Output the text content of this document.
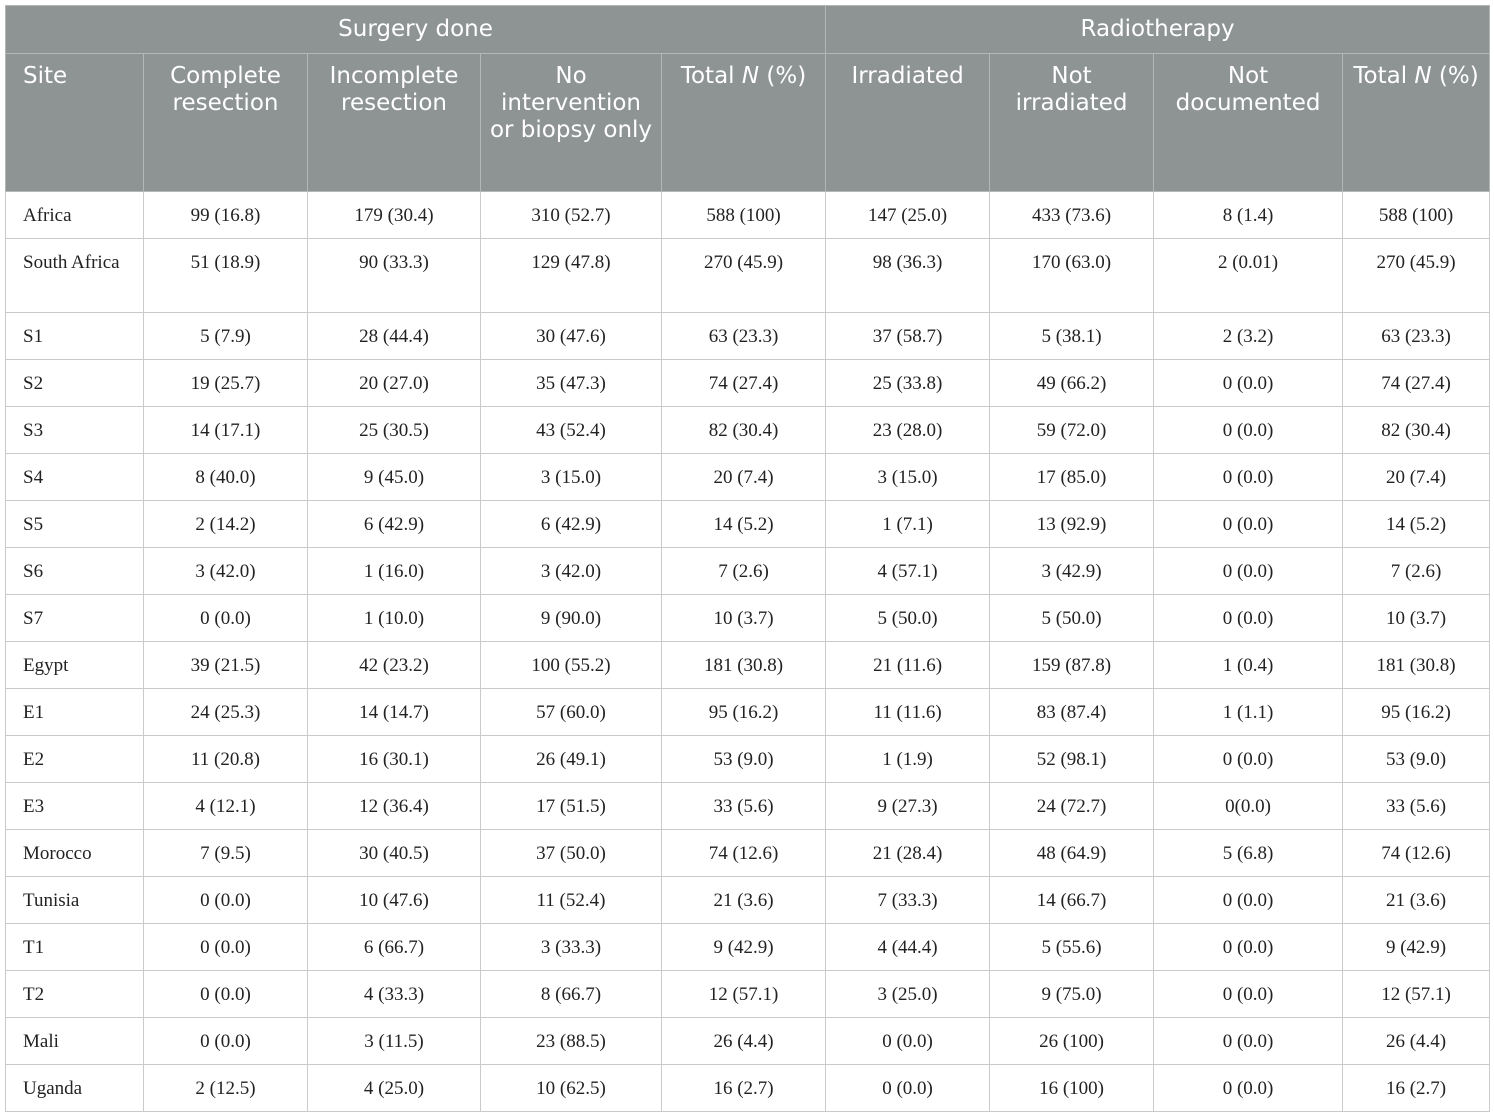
Surgery done					Radiotherapy			
Site	Complete resection	Incomplete resection	No intervention or biopsy only	Total N (%)	Irradiated	Not irradiated	Not documented	Total N (%)
Africa	99 (16.8)	179 (30.4)	310 (52.7)	588 (100)	147 (25.0)	433 (73.6)	8 (1.4)	588 (100)
South Africa	51 (18.9)	90 (33.3)	129 (47.8)	270 (45.9)	98 (36.3)	170 (63.0)	2 (0.01)	270 (45.9)
S1	5 (7.9)	28 (44.4)	30 (47.6)	63 (23.3)	37 (58.7)	5 (38.1)	2 (3.2)	63 (23.3)
S2	19 (25.7)	20 (27.0)	35 (47.3)	74 (27.4)	25 (33.8)	49 (66.2)	0 (0.0)	74 (27.4)
S3	14 (17.1)	25 (30.5)	43 (52.4)	82 (30.4)	23 (28.0)	59 (72.0)	0 (0.0)	82 (30.4)
S4	8 (40.0)	9 (45.0)	3 (15.0)	20 (7.4)	3 (15.0)	17 (85.0)	0 (0.0)	20 (7.4)
S5	2 (14.2)	6 (42.9)	6 (42.9)	14 (5.2)	1 (7.1)	13 (92.9)	0 (0.0)	14 (5.2)
S6	3 (42.0)	1 (16.0)	3 (42.0)	7 (2.6)	4 (57.1)	3 (42.9)	0 (0.0)	7 (2.6)
S7	0 (0.0)	1 (10.0)	9 (90.0)	10 (3.7)	5 (50.0)	5 (50.0)	0 (0.0)	10 (3.7)
Egypt	39 (21.5)	42 (23.2)	100 (55.2)	181 (30.8)	21 (11.6)	159 (87.8)	1 (0.4)	181 (30.8)
E1	24 (25.3)	14 (14.7)	57 (60.0)	95 (16.2)	11 (11.6)	83 (87.4)	1 (1.1)	95 (16.2)
E2	11 (20.8)	16 (30.1)	26 (49.1)	53 (9.0)	1 (1.9)	52 (98.1)	0 (0.0)	53 (9.0)
E3	4 (12.1)	12 (36.4)	17 (51.5)	33 (5.6)	9 (27.3)	24 (72.7)	0(0.0)	33 (5.6)
Morocco	7 (9.5)	30 (40.5)	37 (50.0)	74 (12.6)	21 (28.4)	48 (64.9)	5 (6.8)	74 (12.6)
Tunisia	0 (0.0)	10 (47.6)	11 (52.4)	21 (3.6)	7 (33.3)	14 (66.7)	0 (0.0)	21 (3.6)
T1	0 (0.0)	6 (66.7)	3 (33.3)	9 (42.9)	4 (44.4)	5 (55.6)	0 (0.0)	9 (42.9)
T2	0 (0.0)	4 (33.3)	8 (66.7)	12 (57.1)	3 (25.0)	9 (75.0)	0 (0.0)	12 (57.1)
Mali	0 (0.0)	3 (11.5)	23 (88.5)	26 (4.4)	0 (0.0)	26 (100)	0 (0.0)	26 (4.4)
Uganda	2 (12.5)	4 (25.0)	10 (62.5)	16 (2.7)	0 (0.0)	16 (100)	0 (0.0)	16 (2.7)
